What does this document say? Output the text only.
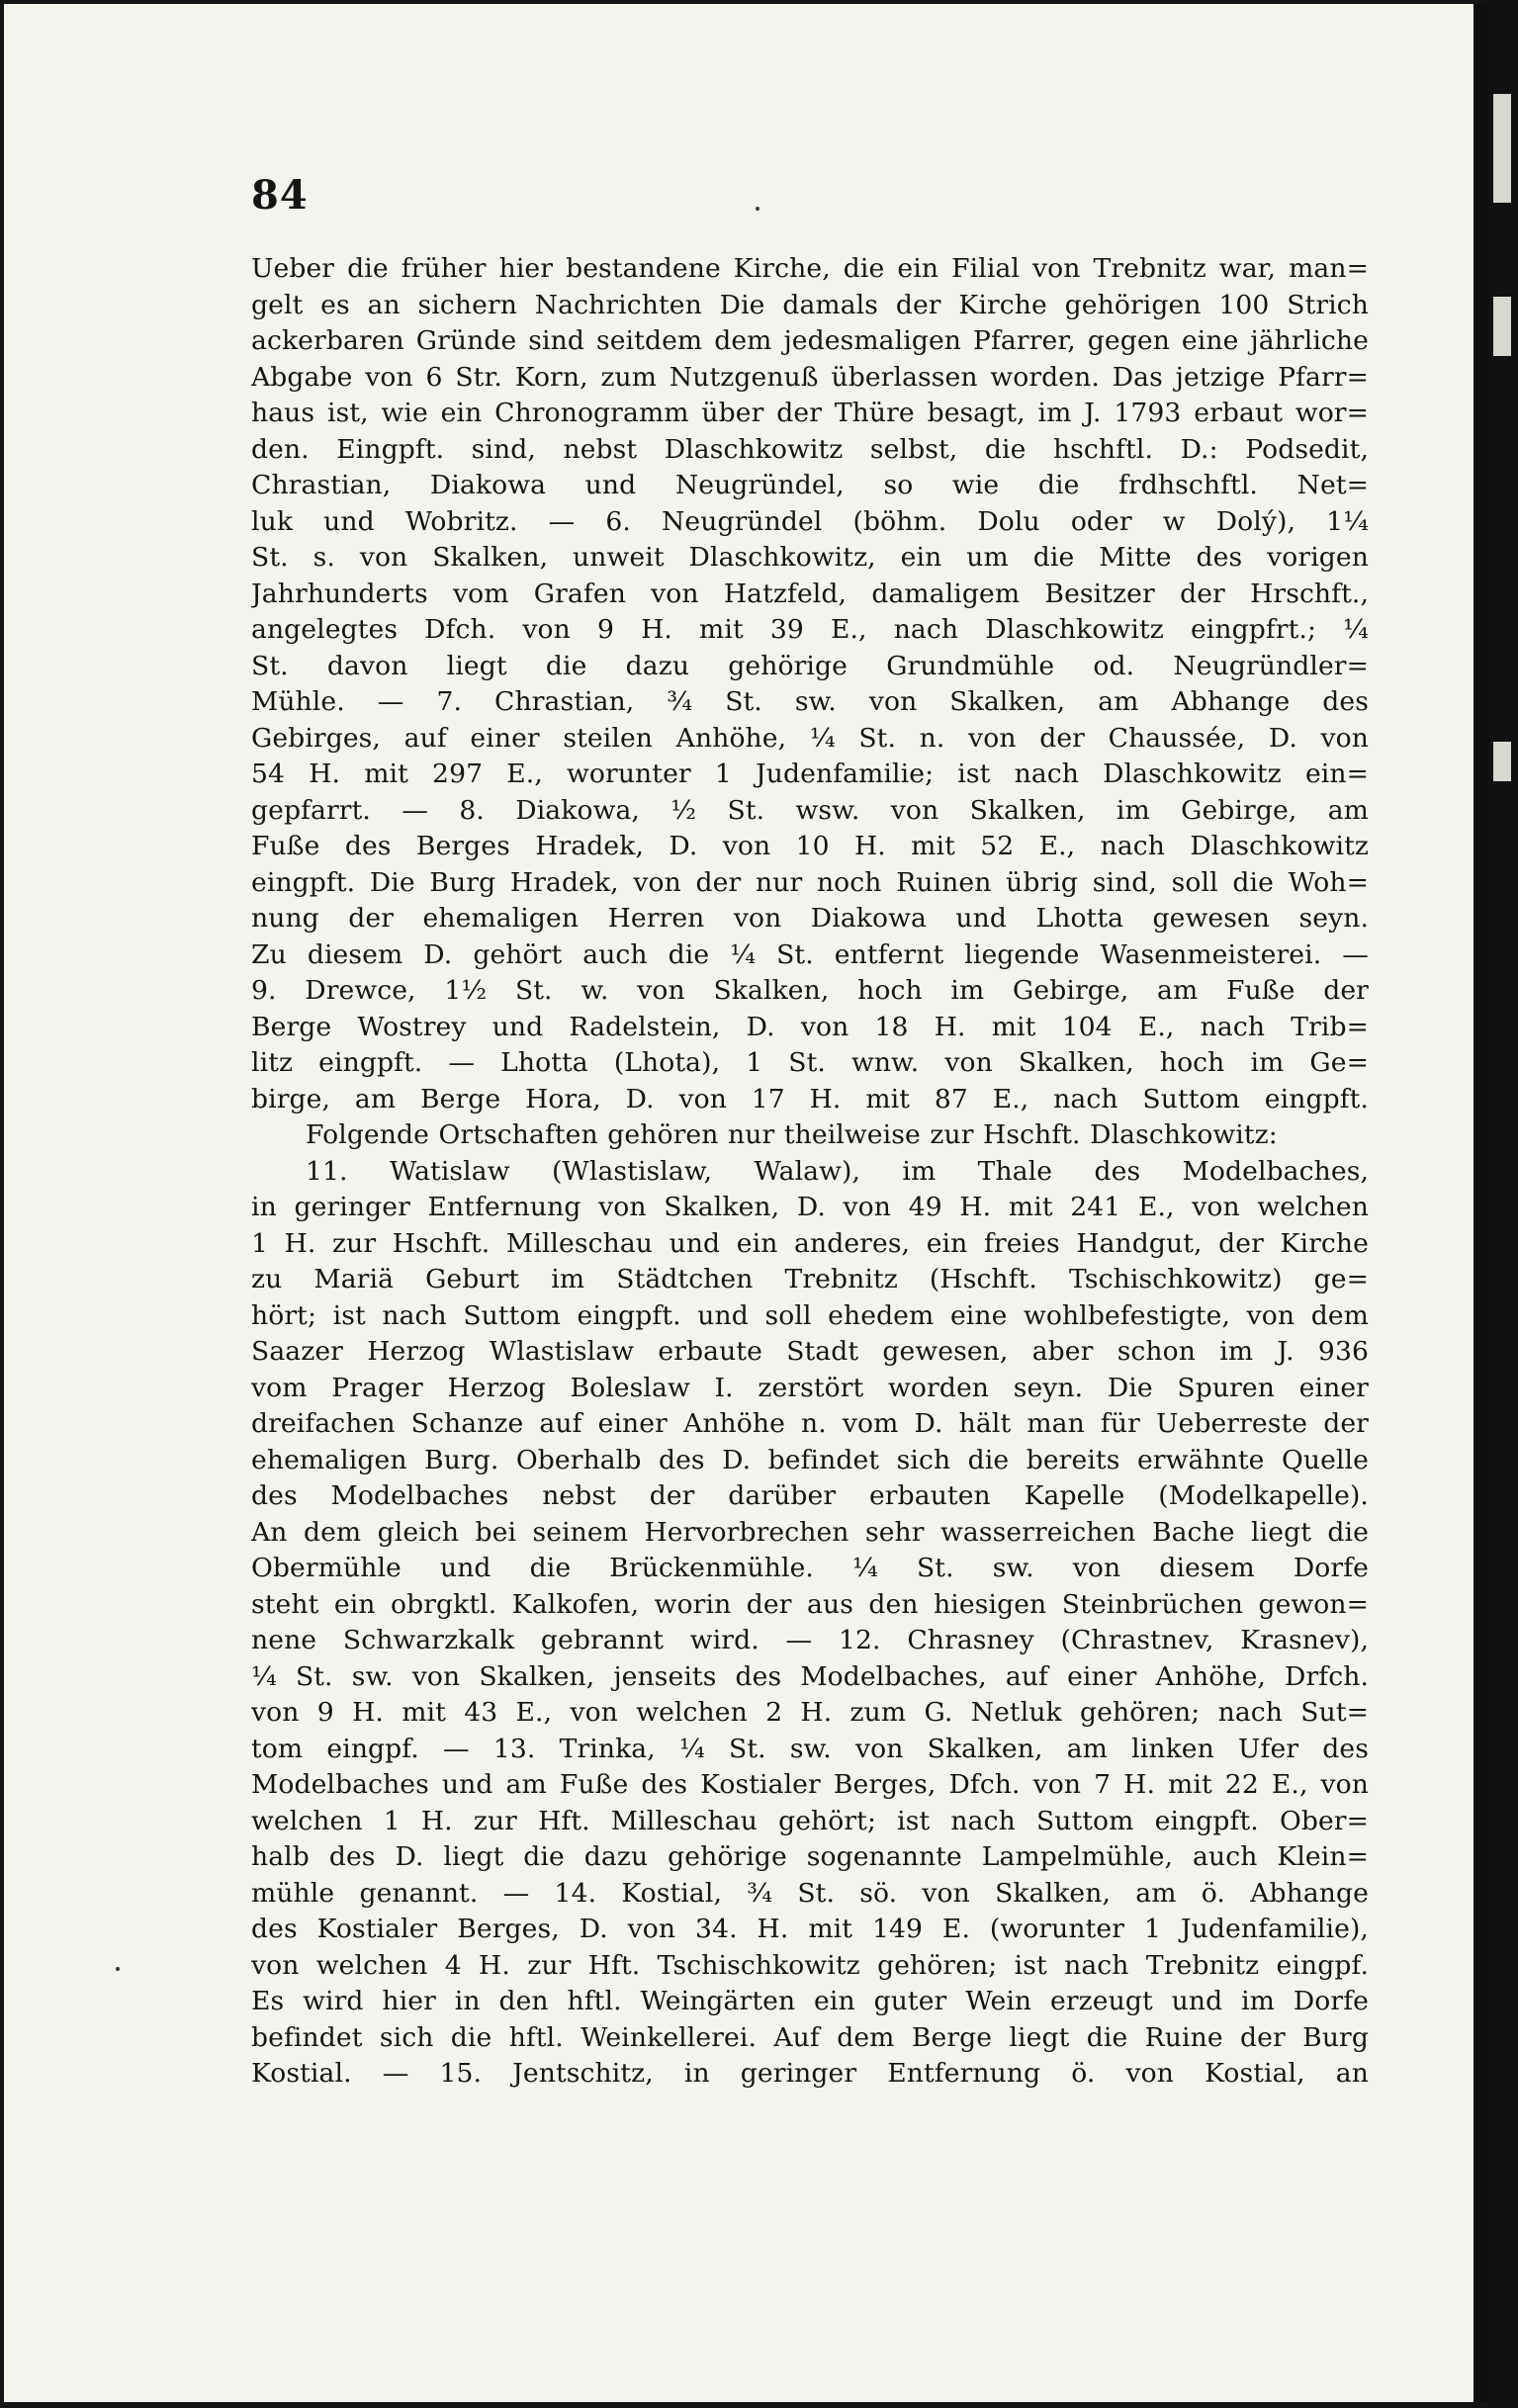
84
Ueber die früher hier bestandene Kirche, die ein Filial von Trebnitz war, man=
gelt es an sichern Nachrichten Die damals der Kirche gehörigen 100 Strich
ackerbaren Gründe sind seitdem dem jedesmaligen Pfarrer, gegen eine jährliche
Abgabe von 6 Str. Korn, zum Nutzgenuß überlassen worden. Das jetzige Pfarr=
haus ist, wie ein Chronogramm über der Thüre besagt, im J. 1793 erbaut wor=
den. Eingpft. sind, nebst Dlaschkowitz selbst, die hschftl. D.: Podsedit,
Chrastian, Diakowa und Neugründel, so wie die frdhschftl. Net=
luk und Wobritz. — 6. Neugründel (böhm. Dolu oder w Dolý), 1¼
St. s. von Skalken, unweit Dlaschkowitz, ein um die Mitte des vorigen
Jahrhunderts vom Grafen von Hatzfeld, damaligem Besitzer der Hrschft.,
angelegtes Dfch. von 9 H. mit 39 E., nach Dlaschkowitz eingpfrt.; ¼
St. davon liegt die dazu gehörige Grundmühle od. Neugründler=
Mühle. — 7. Chrastian, ¾ St. sw. von Skalken, am Abhange des
Gebirges, auf einer steilen Anhöhe, ¼ St. n. von der Chaussée, D. von
54 H. mit 297 E., worunter 1 Judenfamilie; ist nach Dlaschkowitz ein=
gepfarrt. — 8. Diakowa, ½ St. wsw. von Skalken, im Gebirge, am
Fuße des Berges Hradek, D. von 10 H. mit 52 E., nach Dlaschkowitz
eingpft. Die Burg Hradek, von der nur noch Ruinen übrig sind, soll die Woh=
nung der ehemaligen Herren von Diakowa und Lhotta gewesen seyn.
Zu diesem D. gehört auch die ¼ St. entfernt liegende Wasenmeisterei. —
9. Drewce, 1½ St. w. von Skalken, hoch im Gebirge, am Fuße der
Berge Wostrey und Radelstein, D. von 18 H. mit 104 E., nach Trib=
litz eingpft. — Lhotta (Lhota), 1 St. wnw. von Skalken, hoch im Ge=
birge, am Berge Hora, D. von 17 H. mit 87 E., nach Suttom eingpft.
Folgende Ortschaften gehören nur theilweise zur Hschft. Dlaschkowitz:
11. Watislaw (Wlastislaw, Walaw), im Thale des Modelbaches,
in geringer Entfernung von Skalken, D. von 49 H. mit 241 E., von welchen
1 H. zur Hschft. Milleschau und ein anderes, ein freies Handgut, der Kirche
zu Mariä Geburt im Städtchen Trebnitz (Hschft. Tschischkowitz) ge=
hört; ist nach Suttom eingpft. und soll ehedem eine wohlbefestigte, von dem
Saazer Herzog Wlastislaw erbaute Stadt gewesen, aber schon im J. 936
vom Prager Herzog Boleslaw I. zerstört worden seyn. Die Spuren einer
dreifachen Schanze auf einer Anhöhe n. vom D. hält man für Ueberreste der
ehemaligen Burg. Oberhalb des D. befindet sich die bereits erwähnte Quelle
des Modelbaches nebst der darüber erbauten Kapelle (Modelkapelle).
An dem gleich bei seinem Hervorbrechen sehr wasserreichen Bache liegt die
Obermühle und die Brückenmühle. ¼ St. sw. von diesem Dorfe
steht ein obrgktl. Kalkofen, worin der aus den hiesigen Steinbrüchen gewon=
nene Schwarzkalk gebrannt wird. — 12. Chrasney (Chrastnev, Krasnev),
¼ St. sw. von Skalken, jenseits des Modelbaches, auf einer Anhöhe, Drfch.
von 9 H. mit 43 E., von welchen 2 H. zum G. Netluk gehören; nach Sut=
tom eingpf. — 13. Trinka, ¼ St. sw. von Skalken, am linken Ufer des
Modelbaches und am Fuße des Kostialer Berges, Dfch. von 7 H. mit 22 E., von
welchen 1 H. zur Hft. Milleschau gehört; ist nach Suttom eingpft. Ober=
halb des D. liegt die dazu gehörige sogenannte Lampelmühle, auch Klein=
mühle genannt. — 14. Kostial, ¾ St. sö. von Skalken, am ö. Abhange
des Kostialer Berges, D. von 34. H. mit 149 E. (worunter 1 Judenfamilie),
von welchen 4 H. zur Hft. Tschischkowitz gehören; ist nach Trebnitz eingpf.
Es wird hier in den hftl. Weingärten ein guter Wein erzeugt und im Dorfe
befindet sich die hftl. Weinkellerei. Auf dem Berge liegt die Ruine der Burg
Kostial. — 15. Jentschitz, in geringer Entfernung ö. von Kostial, an
